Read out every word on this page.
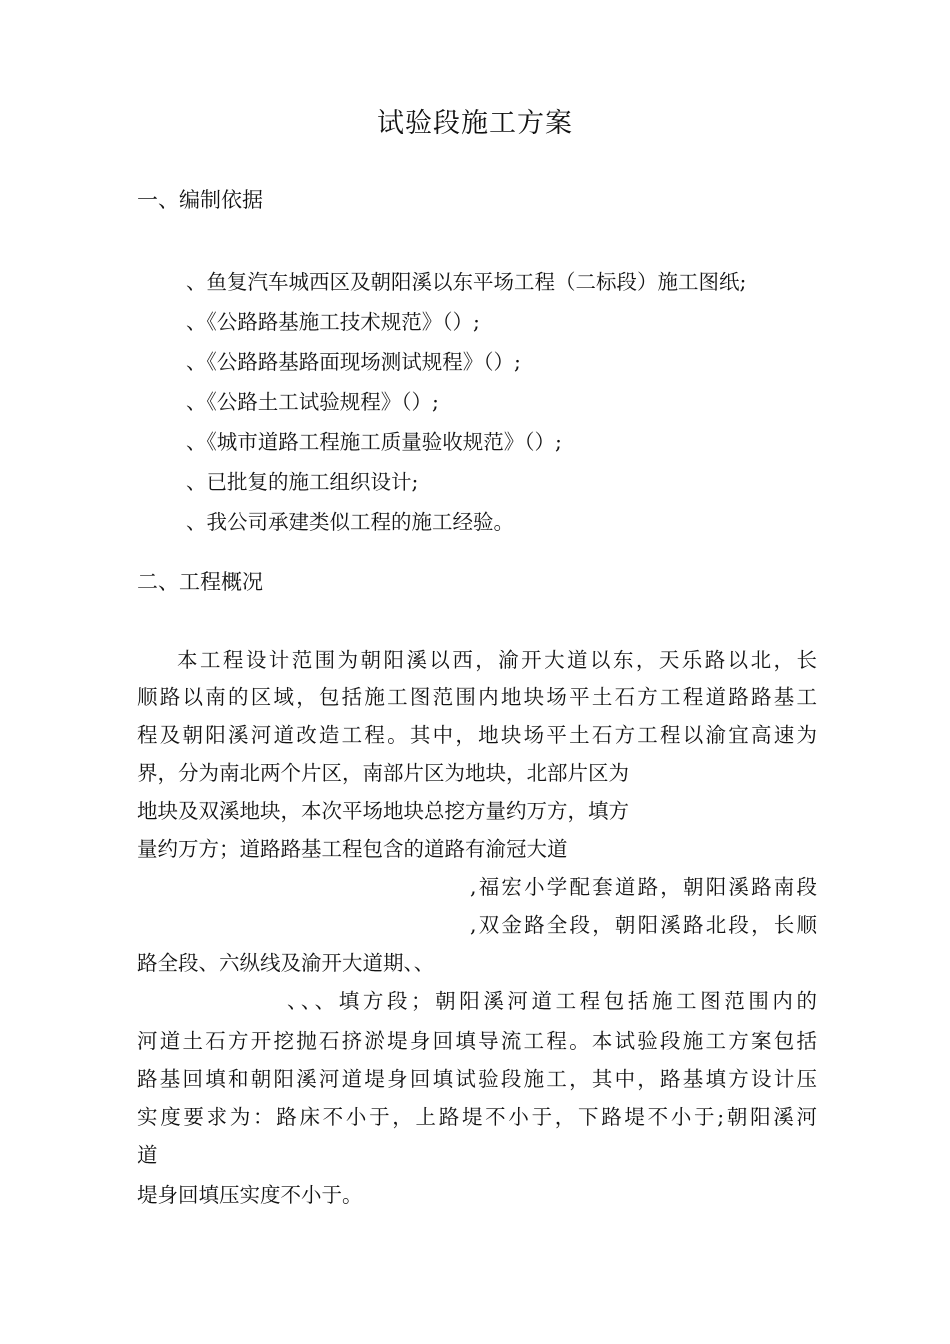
试验段施工方案
一、编制依据
、鱼复汽车城西区及朝阳溪以东平场工程（二标段）施工图纸;
、《公路路基施工技术规范》（）;
、《公路路基路面现场测试规程》（）;
、《公路土工试验规程》（）;
、《城市道路工程施工质量验收规范》（）;
、已批复的施工组织设计;
、我公司承建类似工程的施工经验。
二、工程概况
本工程设计范围为朝阳溪以西，渝开大道以东，天乐路以北，长
顺路以南的区域，包括施工图范围内地块场平土石方工程道路路基工
程及朝阳溪河道改造工程。其中，地块场平土石方工程以渝宜高速为
界，分为南北两个片区，南部片区为地块，北部片区为
地块及双溪地块，本次平场地块总挖方量约万方，填方
量约万方；道路路基工程包含的道路有渝冠大道
,福宏小学配套道路，朝阳溪路南段
,双金路全段，朝阳溪路北段，长顺
路全段、六纵线及渝开大道期、、
、、、填方段；朝阳溪河道工程包括施工图范围内的
河道土石方开挖抛石挤淤堤身回填导流工程。本试验段施工方案包括
路基回填和朝阳溪河道堤身回填试验段施工，其中，路基填方设计压
实度要求为：路床不小于，上路堤不小于，下路堤不小于;朝阳溪河
道
堤身回填压实度不小于。
